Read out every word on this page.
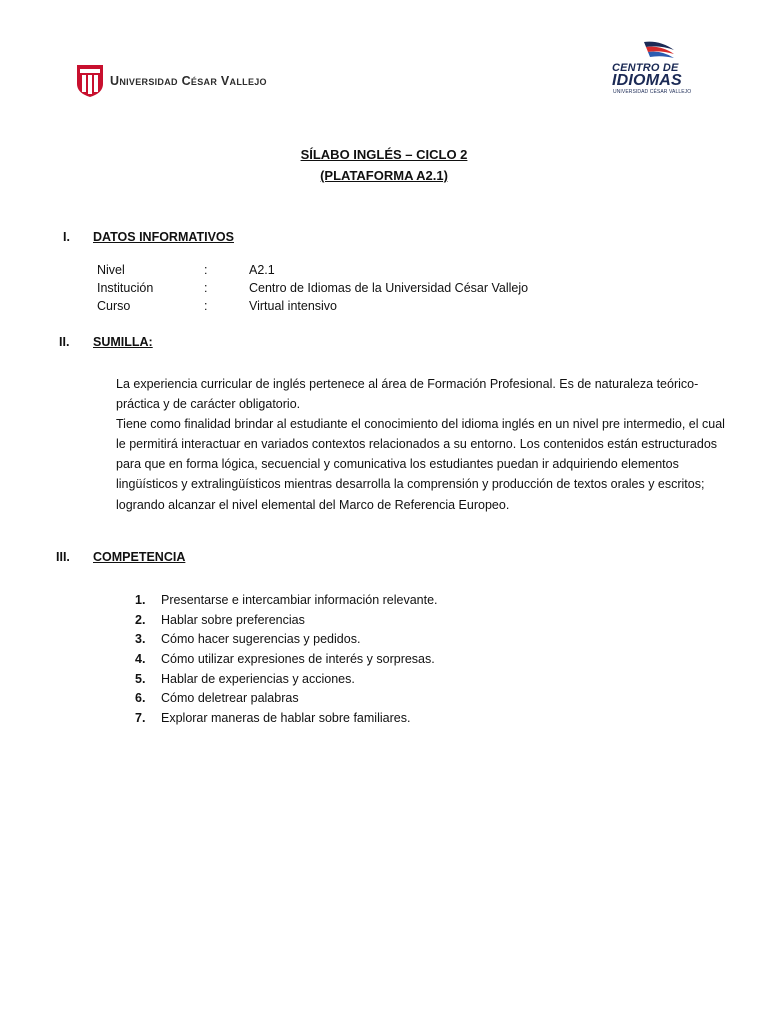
Universidad César Vallejo
CENTRO DE
IDIOMAS
UNIVERSIDAD CÉSAR VALLEJO
SÍLABO INGLÉS – CICLO 2
(PLATAFORMA A2.1)
I. DATOS INFORMATIVOS
Nivel	:	A2.1
Institución	:	Centro de Idiomas de la Universidad César Vallejo
Curso	:	Virtual intensivo
II. SUMILLA:

La experiencia curricular de inglés pertenece al área de Formación Profesional. Es de naturaleza teórico-práctica y de carácter obligatorio.

Tiene como finalidad brindar al estudiante el conocimiento del idioma inglés en un nivel pre intermedio, el cual le permitirá interactuar en variados contextos relacionados a su entorno. Los contenidos están estructurados para que en forma lógica, secuencial y comunicativa los estudiantes puedan ir adquiriendo elementos lingüísticos y extralingüísticos mientras desarrolla la comprensión y producción de textos orales y escritos; logrando alcanzar el nivel elemental del Marco de Referencia Europeo.

III. COMPETENCIA
1. Presentarse e intercambiar información relevante.
2. Hablar sobre preferencias
3. Cómo hacer sugerencias y pedidos.
4. Cómo utilizar expresiones de interés y sorpresas.
5. Hablar de experiencias y acciones.
6. Cómo deletrear palabras
7. Explorar maneras de hablar sobre familiares.
